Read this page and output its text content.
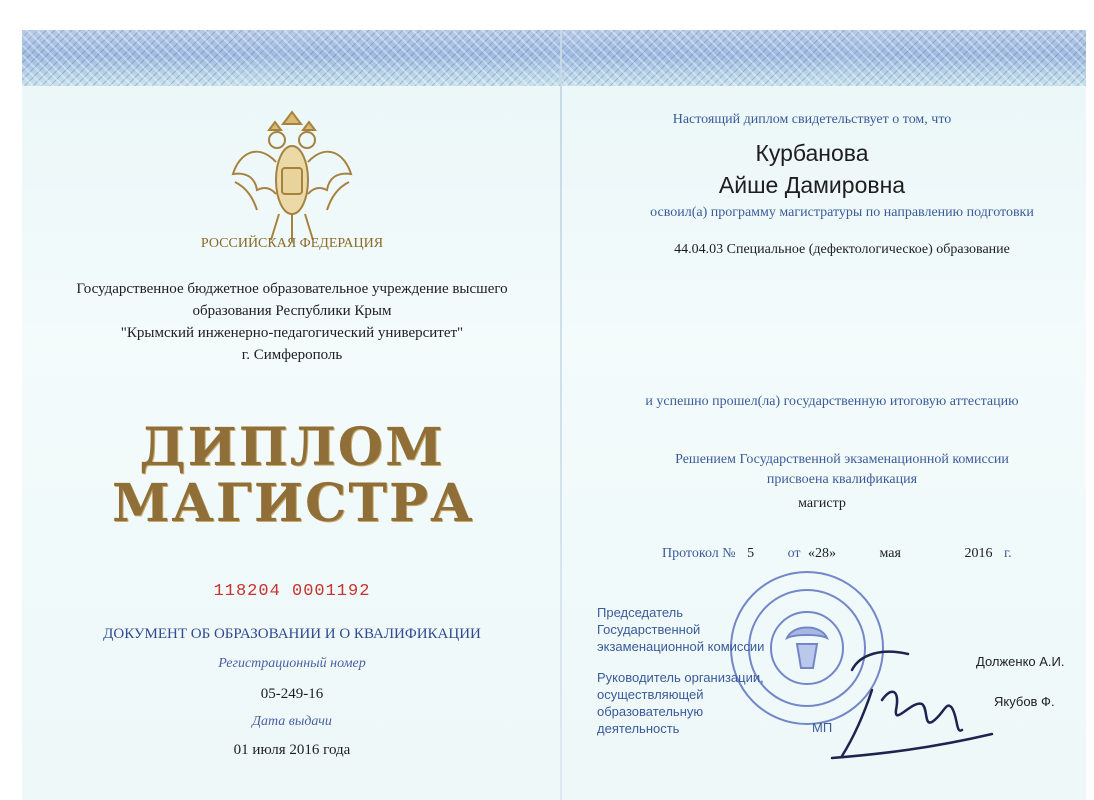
РОССИЙСКАЯ ФЕДЕРАЦИЯ
Государственное бюджетное образовательное учреждение высшего
образования Республики Крым
"Крымский инженерно-педагогический университет"
г. Симферополь
ДИПЛОМ
МАГИСТРА
118204 0001192
ДОКУМЕНТ ОБ ОБРАЗОВАНИИ И О КВАЛИФИКАЦИИ
Регистрационный номер
05-249-16
Дата выдачи
01 июля 2016 года
Настоящий диплом свидетельствует о том, что
Курбанова
Айше Дамировна
освоил(а) программу магистратуры по направлению подготовки
44.04.03 Специальное (дефектологическое) образование
и успешно прошел(ла) государственную итоговую аттестацию
Решением Государственной экзаменационной комиссии
присвоена квалификация
магистр
Протокол № 5 от «28»	мая	2016 г.
Председатель
Государственной
экзаменационной комиссии
Руководитель организации,
осуществляющей образовательную
деятельность
Долженко А.И.
Якубов Ф.
МП
